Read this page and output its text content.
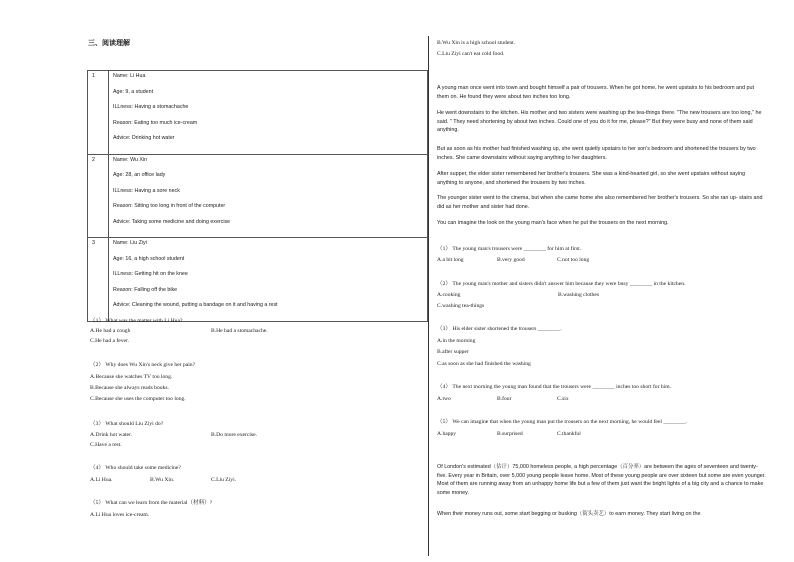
三、阅读理解
1	Name: Li Hua
Age: 9, a student
ILLness: Having a stomachache
Reason: Eating too much ice-cream
Advice: Drinking hot water

2	Name: Wu Xin
Age: 28, an office lady
ILLness: Having a sore neck
Reason: Sitting too long in front of the computer
Advice: Taking some medicine and doing exercise

3	Name: Liu Ziyi
Age: 16, a high school student
ILLness: Getting hit on the knee
Reason: Falling off the bike
Advice: Cleaning the wound, putting a bandage on it and having a rest
（1） What was the matter with Li Hua?
A.He had a cough	B.He had a stomachache.
C.He had a fever.
（2） Why does Wu Xin's neck give her pain?
A.Because she watches TV too long.
B.Because she always reads books.
C.Because she uses the computer too long.
（3） What should Liu Ziyi do?
A.Drink hot water.	B.Do more exercise.
C.Have a rest.
（4） Who should take some medicine?
A.Li Hua.	B.Wu Xin.	C.Liu Ziyi.
（5） What can we learn from the material（材料）?
A.Li Hua loves ice-cream.
B.Wu Xin is a high school student.
C.Liu Ziyi can't eat cold food.
A young man once went into town and bought himself a pair of trousers. When he got home, he went upstairs to his bedroom and put them on. He found they were about two inches too long.
He went downstairs to the kitchen. His mother and two sisters were washing up the tea-things there. "The new trousers are too long," he said. " They need shortening by about two inches. Could one of you do it for me, please?" But they were busy and none of them said anything.
But as soon as his mother had finished washing up, she went quietly upstairs to her son's bedroom and shortened the trousers by two inches. She came downstairs without saying anything to her daughters.
After supper, the elder sister remembered her brother's trousers. She was a kind-hearted girl, so she went upstairs without saying anything to anyone, and shortened the trousers by two inches.
The younger sister went to the cinema, but when she came home she also remembered her brother's trousers. So she ran up- stairs and did as her mother and sister had done.
You can imagine the look on the young man's face when he put the trousers on the next morning.
（1） The young man's trousers were ________ for him at first.
A.a bit long	B.very good	C.not too long
（2） The young man's mother and sisters didn't answer him because they were busy ________ in the kitchen.
A.cooking	B.washing clothes
C.washing tea-things
（3） His elder sister shortened the trousers ________.
A.in the morning
B.after supper
C.as soon as she had finished the washing
（4） The next morning the young man found that the trousers were ________ inches too short for him.
A.two	B.four	C.six
（5） We can imagine that when the young man put the trousers on the next morning, he would feel ________.
A.happy	B.surprised	C.thankful
Of London's estimated（估计）75,000 homeless people, a high percentage（百分率）are between the ages of seventeen and twenty-five. Every year in Britain, over 5,000 young people leave home. Most of these young people are over sixteen but some are even younger. Most of them are running away from an unhappy home life but a few of them just want the bright lights of a big city and a chance to make some money.
When their money runs out, some start begging or busking（街头卖艺）to earn money. They start living on the
